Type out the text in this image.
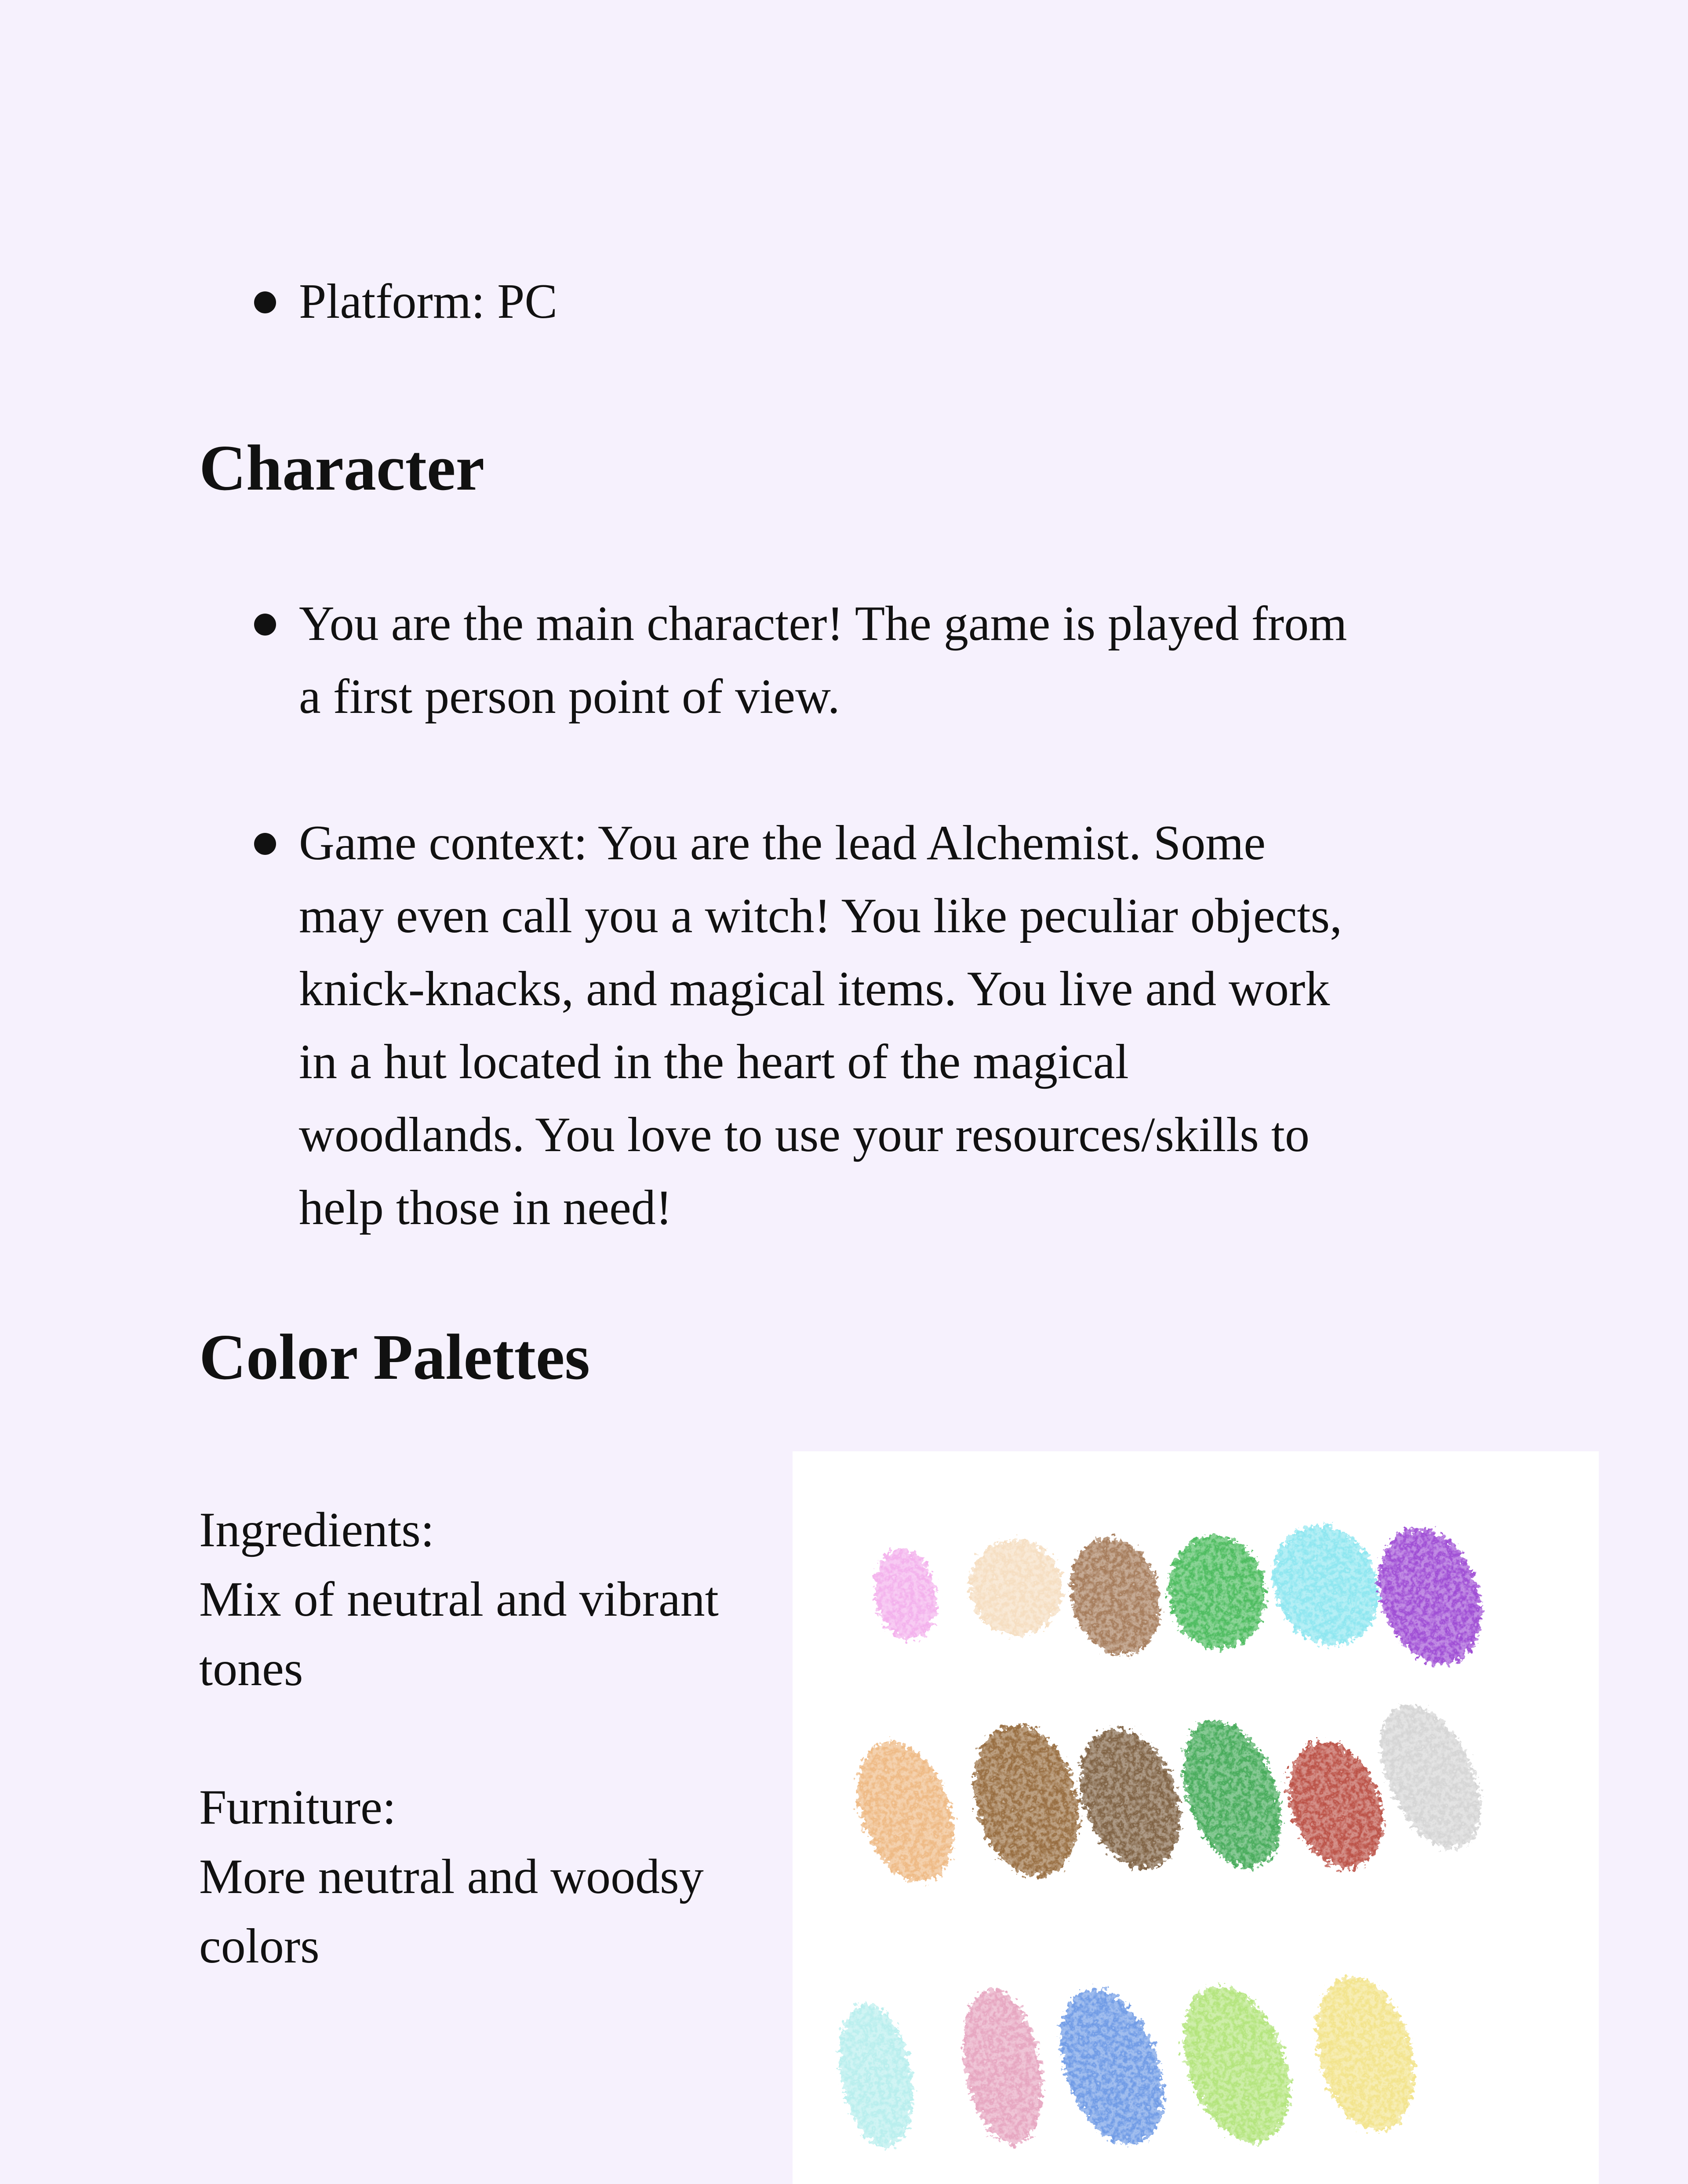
Platform: PC
Character
You are the main character! The game is played from
a first person point of view.
Game context: You are the lead Alchemist. Some
may even call you a witch! You like peculiar objects,
knick-knacks, and magical items. You live and work
in a hut located in the heart of the magical
woodlands. You love to use your resources/skills to
help those in need!
Color Palettes
Ingredients:
Mix of neutral and vibrant
tones
Furniture:
More neutral and woodsy
colors
